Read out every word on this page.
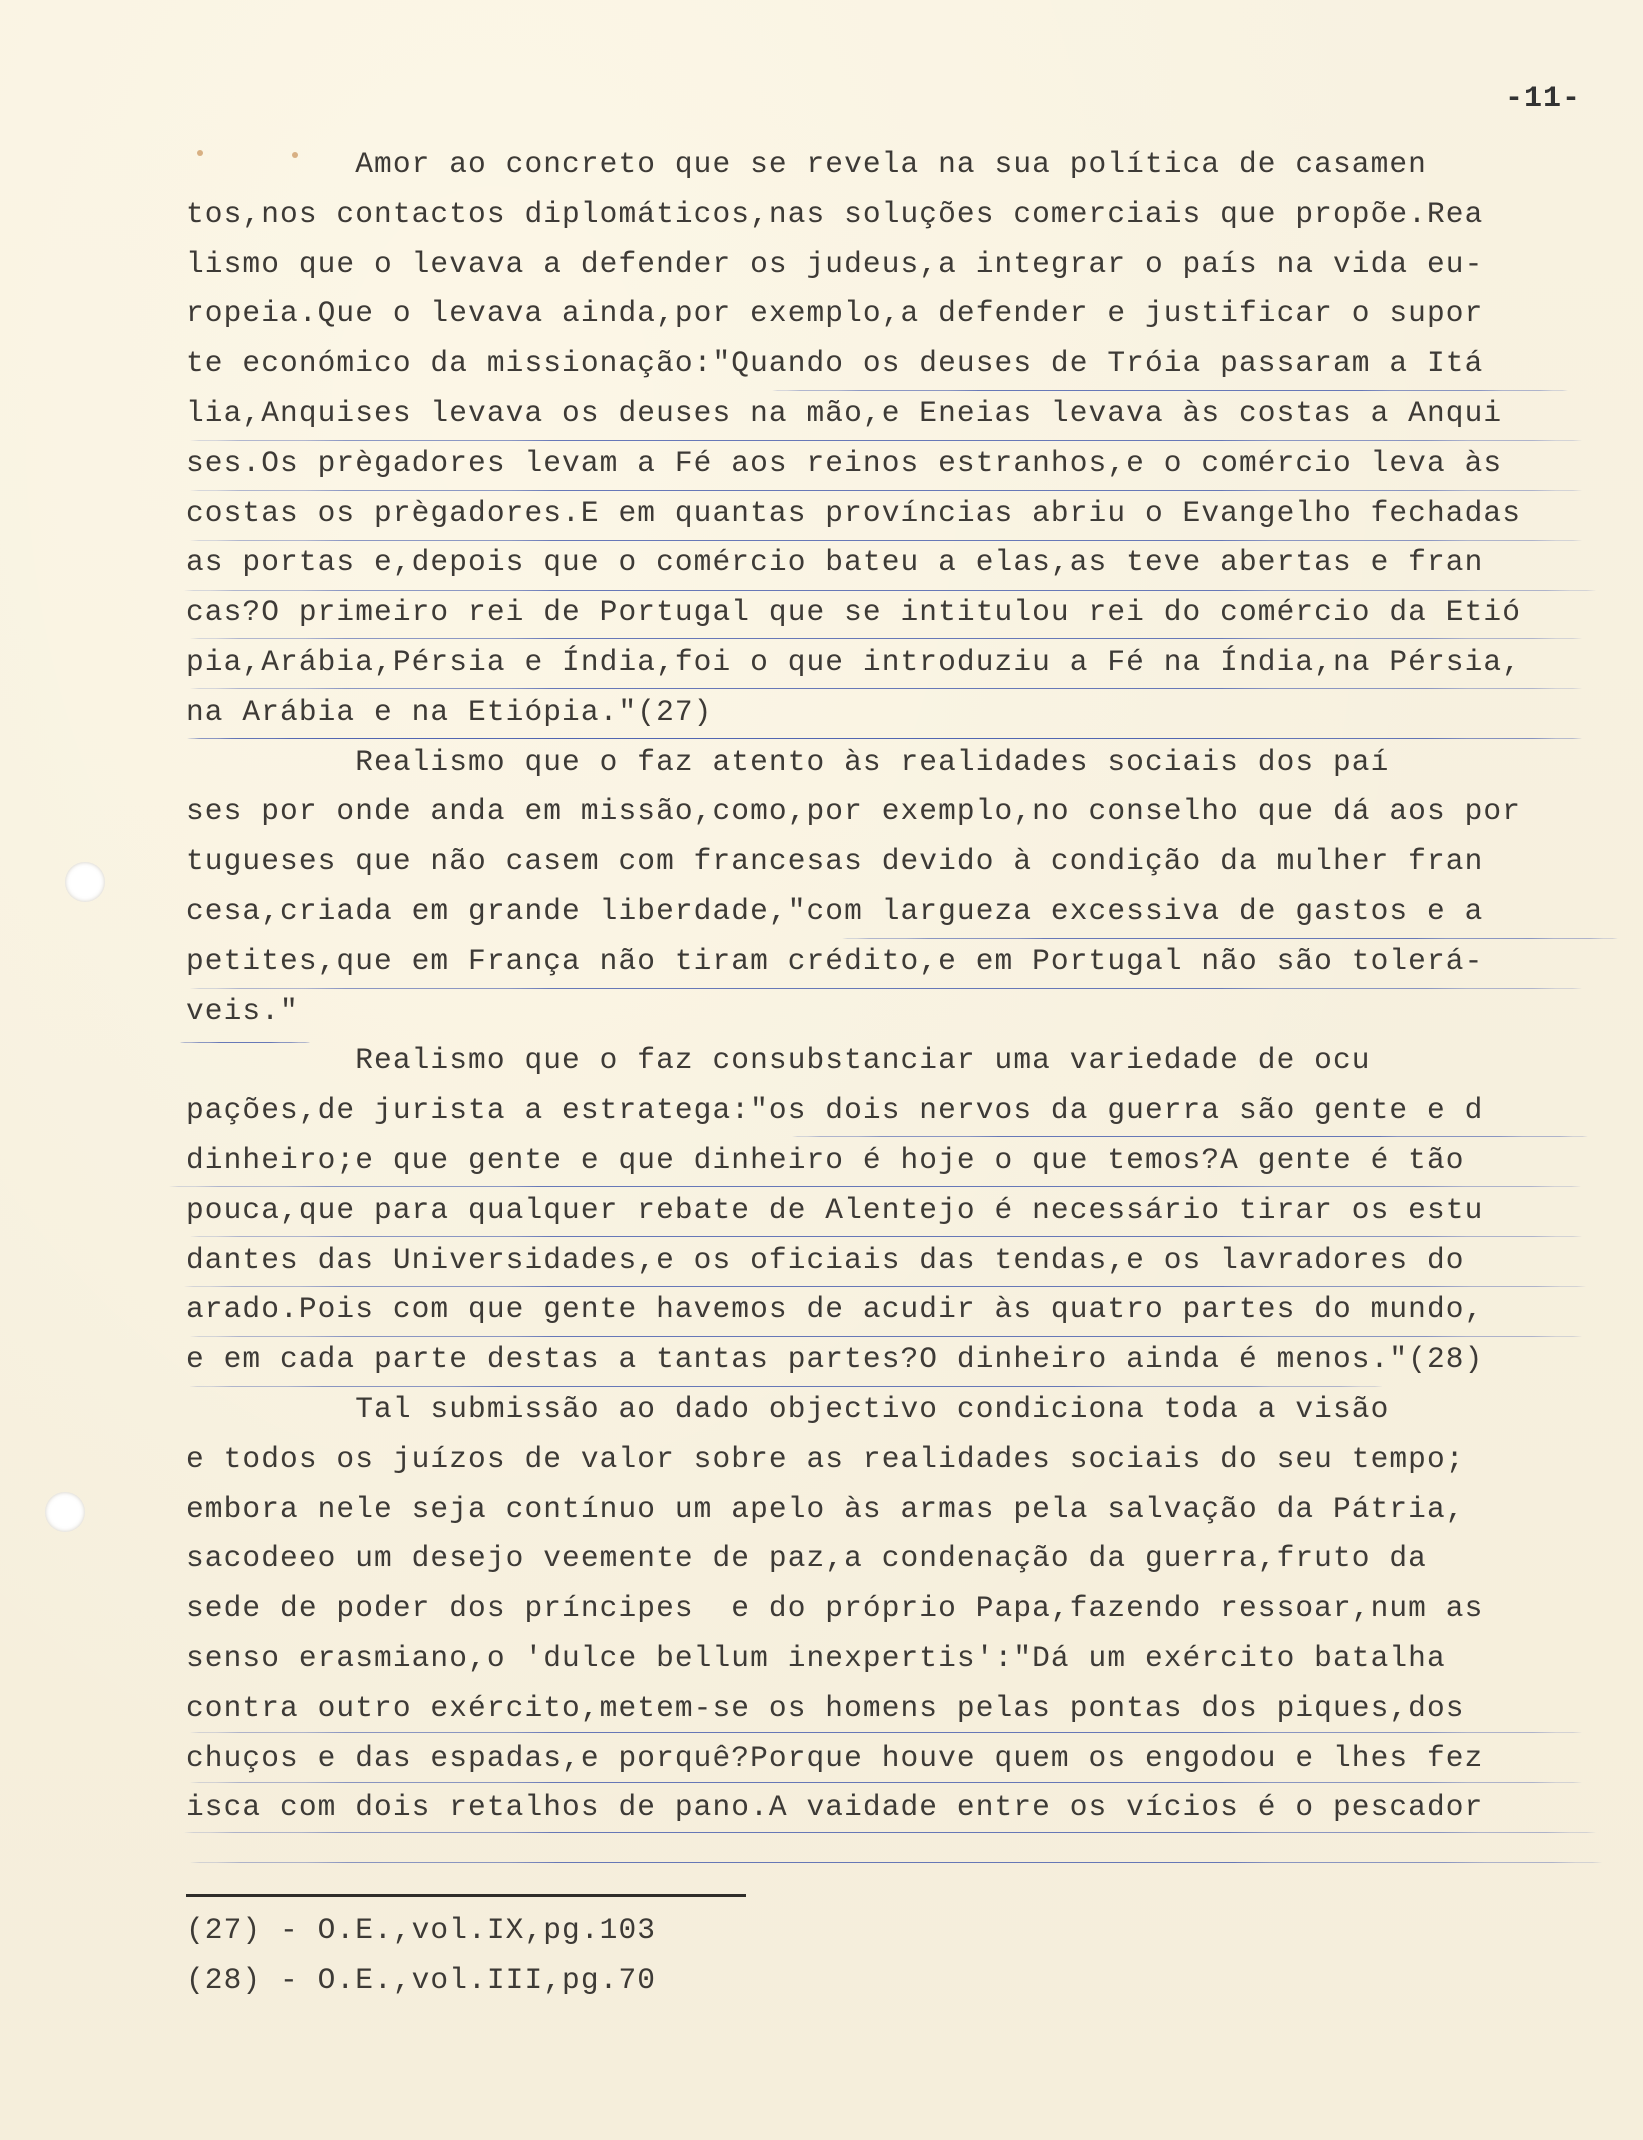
-11-
Amor ao concreto que se revela na sua política de casamen
tos,nos contactos diplomáticos,nas soluções comerciais que propõe.Rea
lismo que o levava a defender os judeus,a integrar o país na vida eu-
ropeia.Que o levava ainda,por exemplo,a defender e justificar o supor
te económico da missionação:"Quando os deuses de Tróia passaram a Itá
lia,Anquises levava os deuses na mão,e Eneias levava às costas a Anqui
ses.Os prègadores levam a Fé aos reinos estranhos,e o comércio leva às
costas os prègadores.E em quantas províncias abriu o Evangelho fechadas
as portas e,depois que o comércio bateu a elas,as teve abertas e fran
cas?O primeiro rei de Portugal que se intitulou rei do comércio da Etió
pia,Arábia,Pérsia e Índia,foi o que introduziu a Fé na Índia,na Pérsia,
na Arábia e na Etiópia."(27)
Realismo que o faz atento às realidades sociais dos paí
ses por onde anda em missão,como,por exemplo,no conselho que dá aos por
tugueses que não casem com francesas devido à condição da mulher fran
cesa,criada em grande liberdade,"com largueza excessiva de gastos e a
petites,que em França não tiram crédito,e em Portugal não são tolerá-
veis."
Realismo que o faz consubstanciar uma variedade de ocu
pações,de jurista a estratega:"os dois nervos da guerra são gente e d
dinheiro;e que gente e que dinheiro é hoje o que temos?A gente é tão
pouca,que para qualquer rebate de Alentejo é necessário tirar os estu
dantes das Universidades,e os oficiais das tendas,e os lavradores do
arado.Pois com que gente havemos de acudir às quatro partes do mundo,
e em cada parte destas a tantas partes?O dinheiro ainda é menos."(28)
Tal submissão ao dado objectivo condiciona toda a visão
e todos os juízos de valor sobre as realidades sociais do seu tempo;
embora nele seja contínuo um apelo às armas pela salvação da Pátria,
sacodeeo um desejo veemente de paz,a condenação da guerra,fruto da
sede de poder dos príncipes  e do próprio Papa,fazendo ressoar,num as
senso erasmiano,o 'dulce bellum inexpertis':"Dá um exército batalha
contra outro exército,metem-se os homens pelas pontas dos piques,dos
chuços e das espadas,e porquê?Porque houve quem os engodou e lhes fez
isca com dois retalhos de pano.A vaidade entre os vícios é o pescador
(27) - O.E.,vol.IX,pg.103
(28) - O.E.,vol.III,pg.70
